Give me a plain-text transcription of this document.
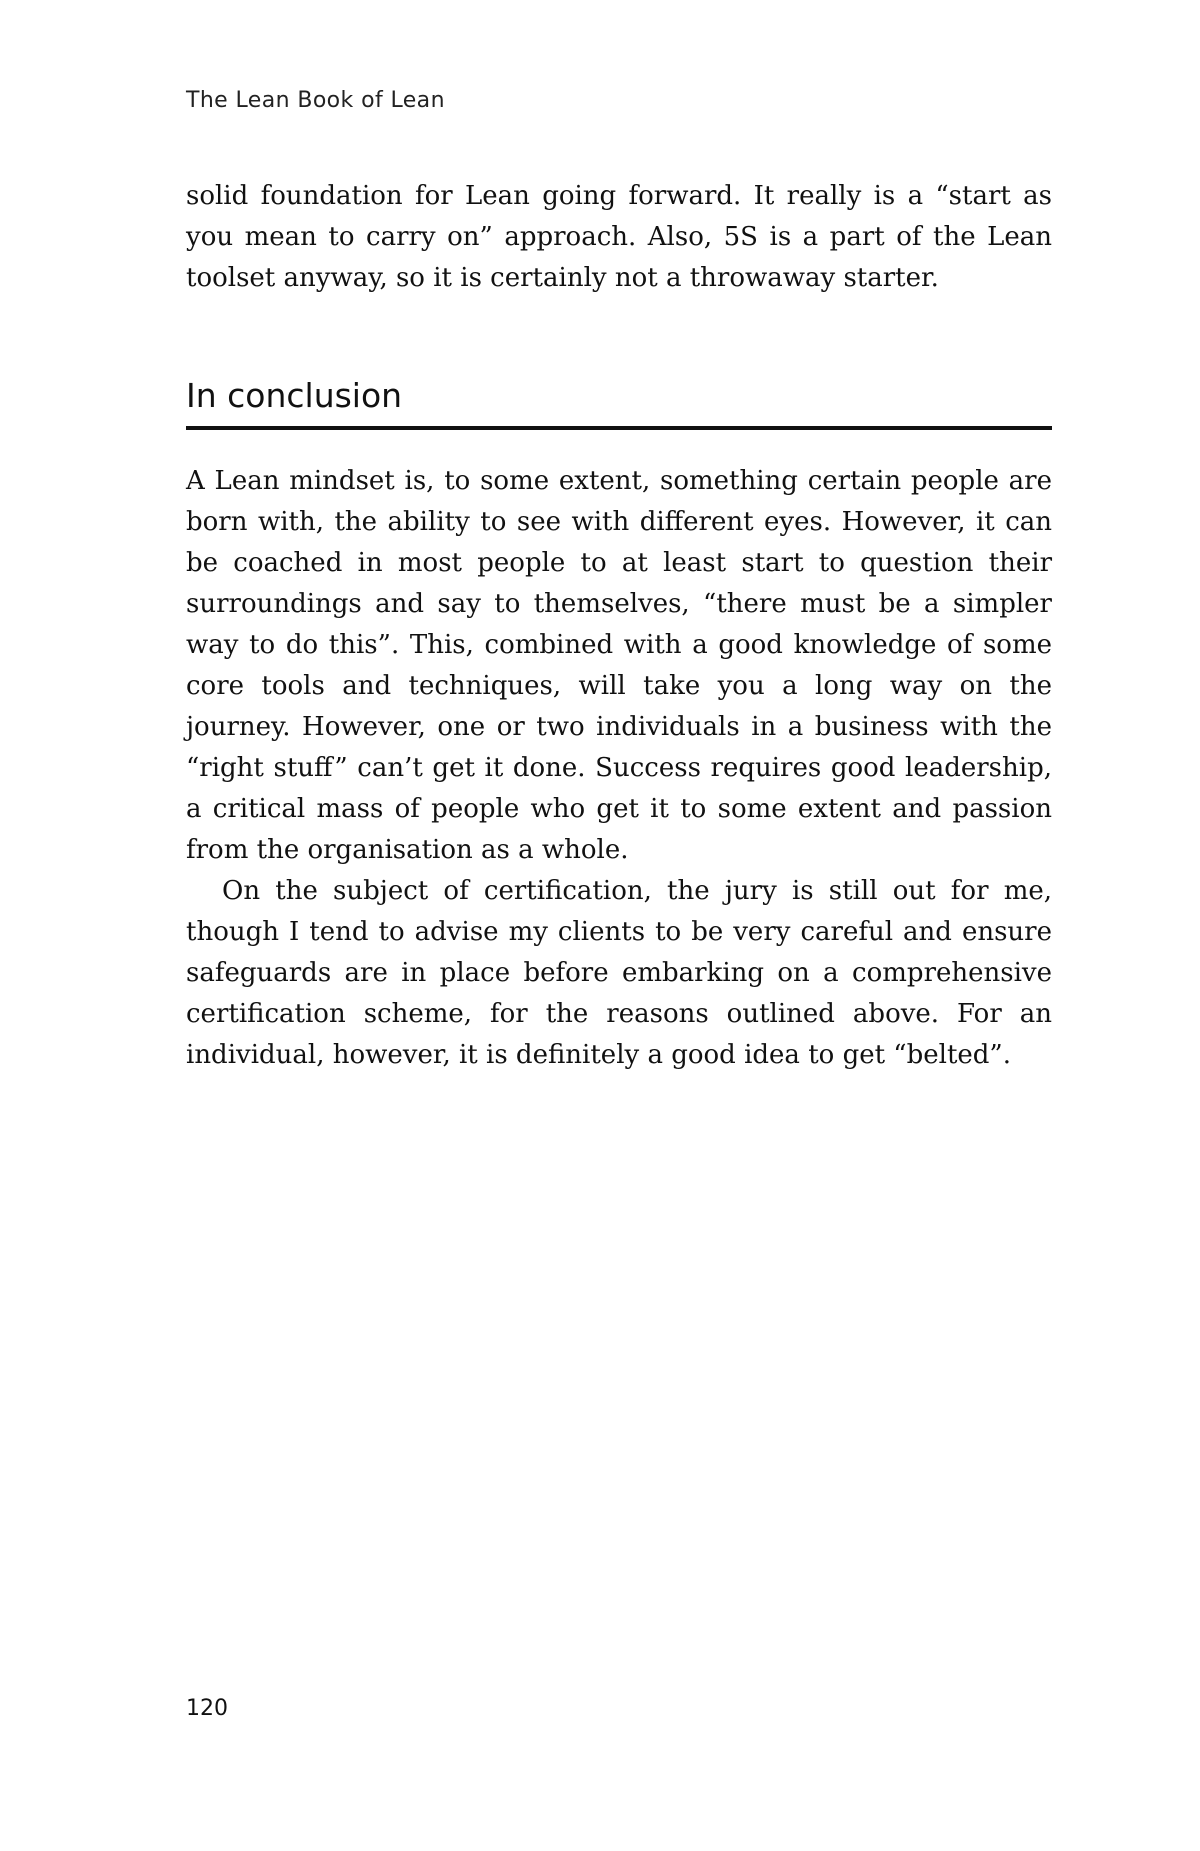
The Lean Book of Lean

solid foundation for Lean going forward. It really is a “start as you mean to carry on” approach. Also, 5S is a part of the Lean toolset anyway, so it is certainly not a throwaway starter.

In conclusion

A Lean mindset is, to some extent, something certain people are born with, the ability to see with different eyes. However, it can be coached in most people to at least start to question their surroundings and say to themselves, “there must be a simpler way to do this”. This, combined with a good knowledge of some core tools and techniques, will take you a long way on the journey. However, one or two individuals in a business with the “right stuff” can’t get it done. Success requires good leadership, a critical mass of people who get it to some extent and passion from the organisation as a whole.

On the subject of certification, the jury is still out for me, though I tend to advise my clients to be very careful and ensure safeguards are in place before embarking on a comprehensive certification scheme, for the reasons outlined above. For an individual, however, it is definitely a good idea to get “belted”.

120
